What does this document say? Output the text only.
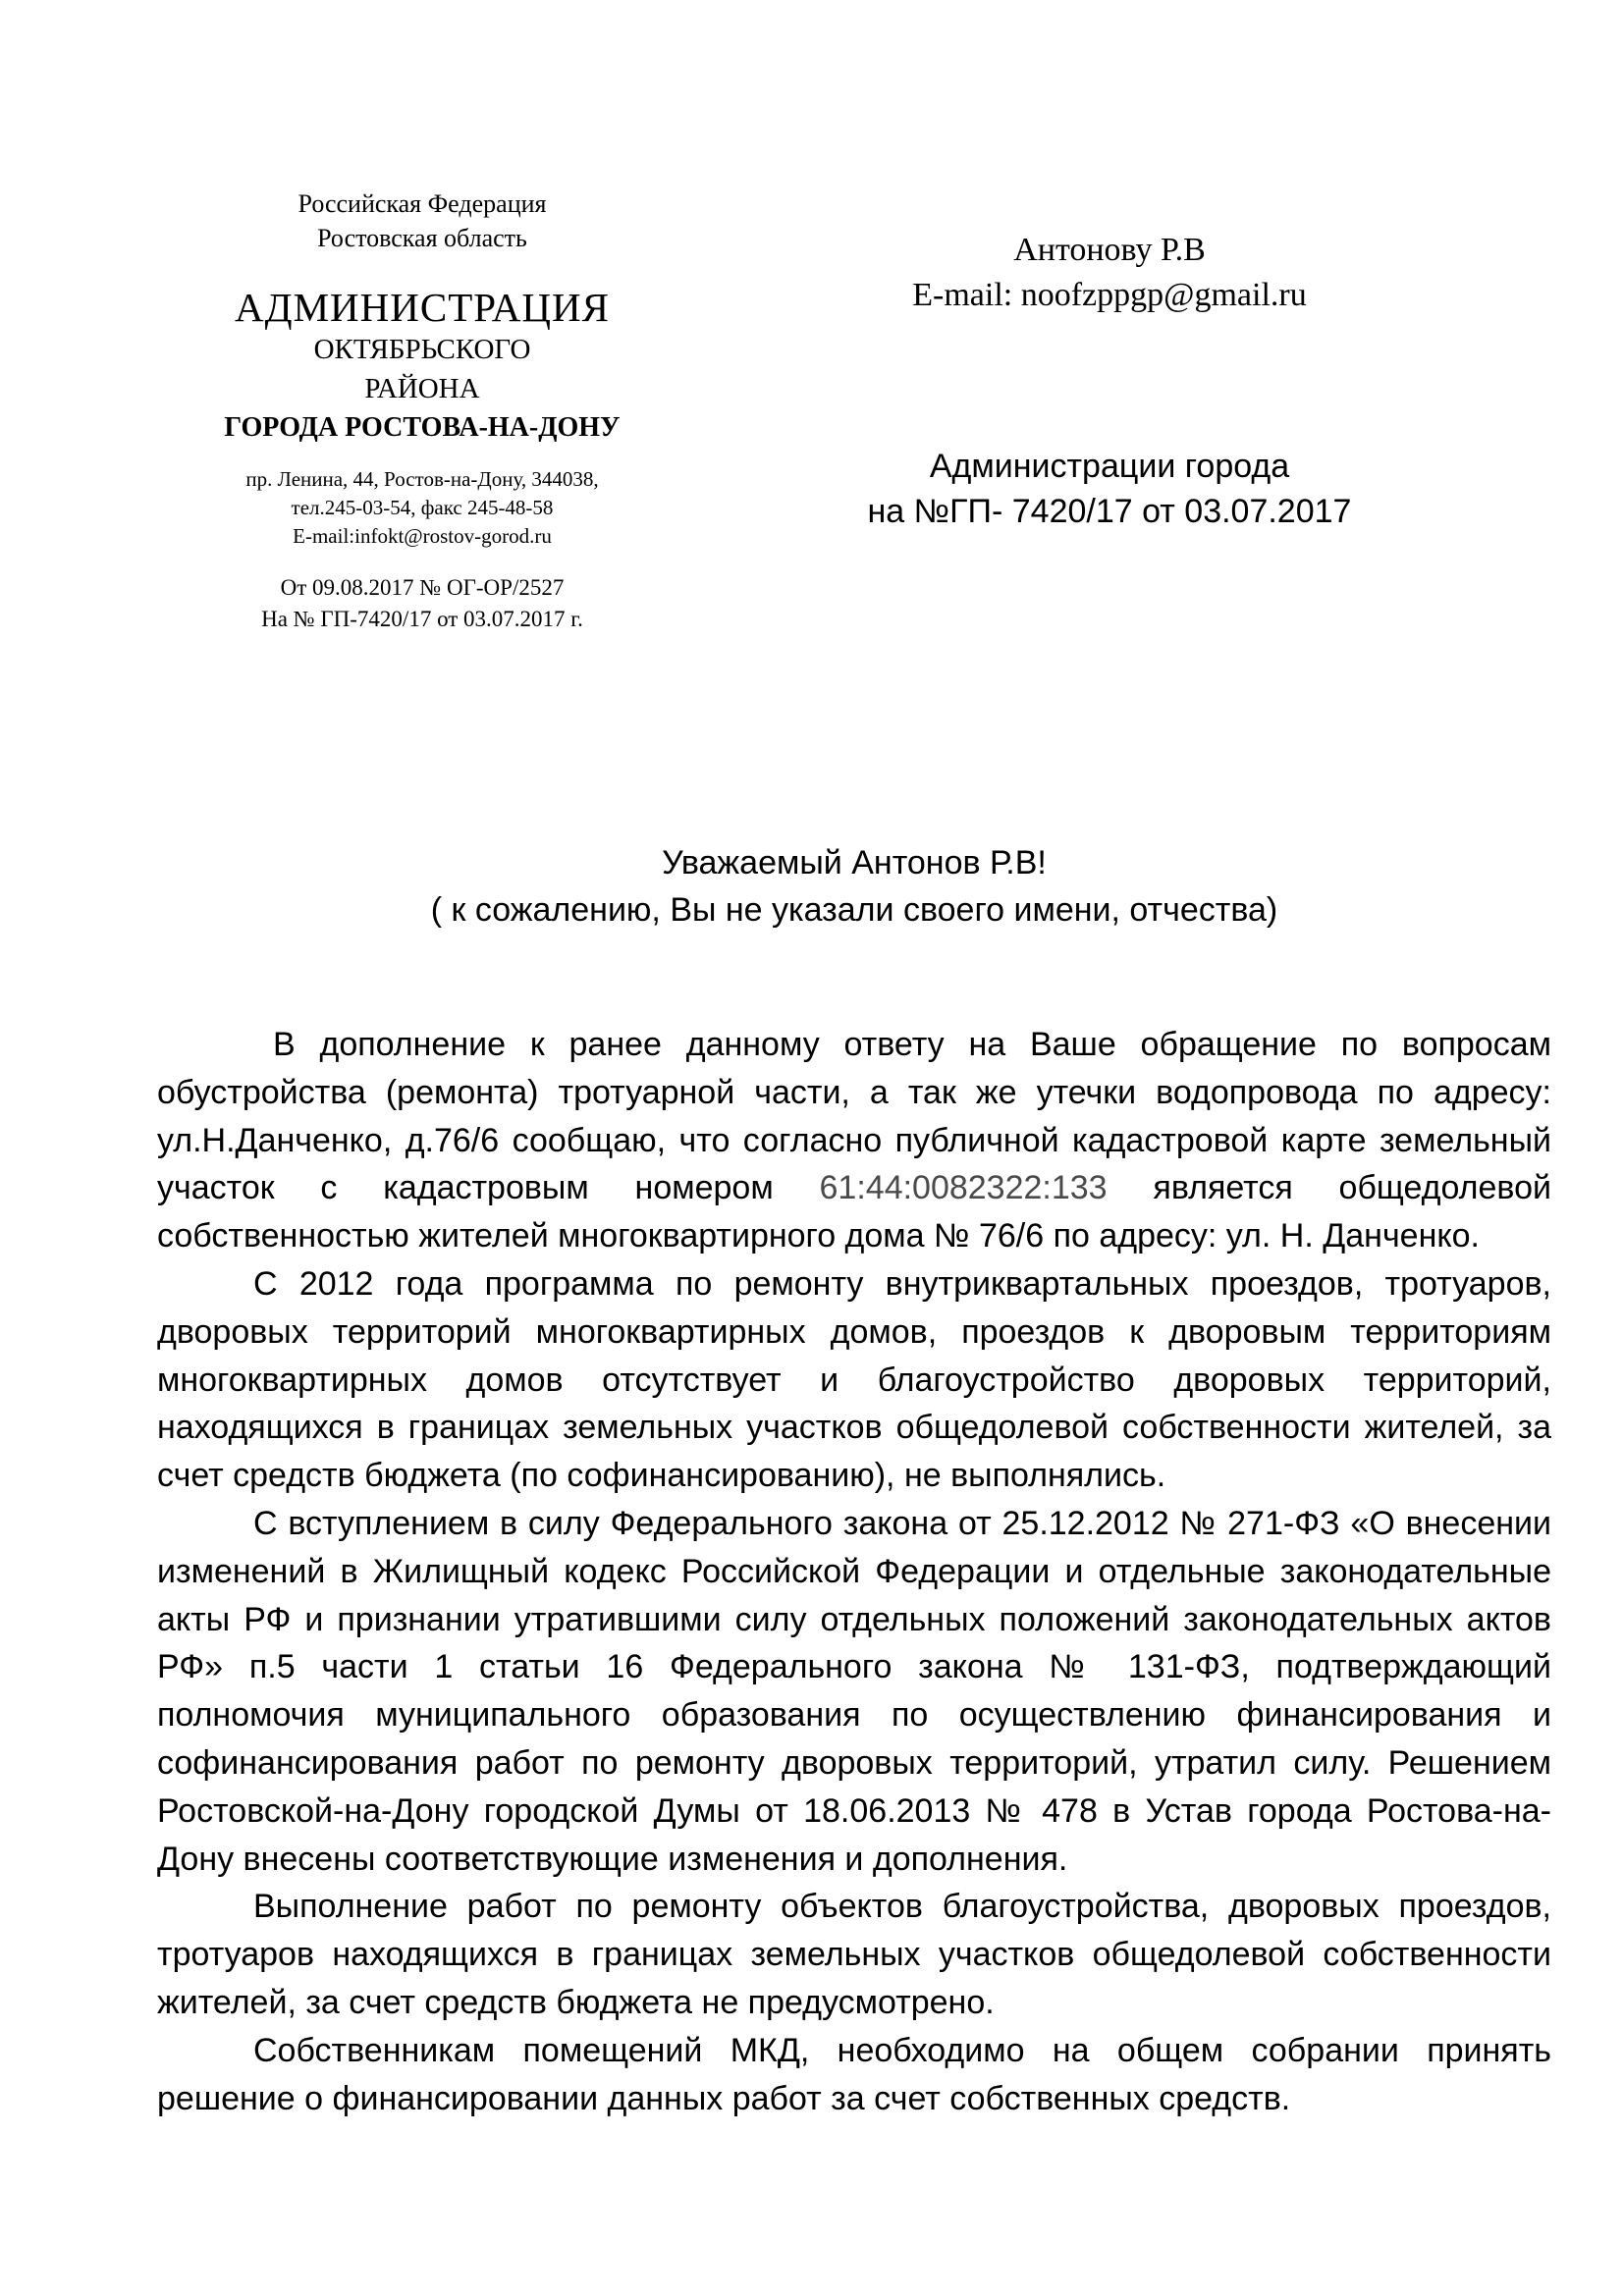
Российская Федерация
Ростовская область
АДМИНИСТРАЦИЯ
ОКТЯБРЬСКОГО
РАЙОНА
ГОРОДА РОСТОВА-НА-ДОНУ
пр. Ленина, 44, Ростов-на-Дону, 344038,
тел.245-03-54, факс 245-48-58
E-mail:infokt@rostov-gorod.ru
От 09.08.2017 № ОГ-ОР/2527
На № ГП-7420/17 от 03.07.2017 г.
Антонову Р.В
E-mail: noofzppgp@gmail.ru
Администрации города
на №ГП- 7420/17 от 03.07.2017
Уважаемый Антонов Р.В!
( к сожалению, Вы не указали своего имени, отчества)

В дополнение к ранее данному ответу на Ваше обращение по вопросам обустройства (ремонта) тротуарной части, а так же утечки водопровода по адресу: ул.Н.Данченко, д.76/6 сообщаю, что согласно публичной кадастровой карте земельный участок с кадастровым номером 61:44:0082322:133 является общедолевой собственностью жителей многоквартирного дома № 76/6 по адресу: ул. Н. Данченко.

С 2012 года программа по ремонту внутриквартальных проездов, тротуаров, дворовых территорий многоквартирных домов, проездов к дворовым территориям многоквартирных домов отсутствует и благоустройство дворовых территорий, находящихся в границах земельных участков общедолевой собственности жителей, за счет средств бюджета (по софинансированию), не выполнялись.

С вступлением в силу Федерального закона от 25.12.2012 № 271-ФЗ «О внесении изменений в Жилищный кодекс Российской Федерации и отдельные законодательные акты РФ и признании утратившими силу отдельных положений законодательных актов РФ» п.5 части 1 статьи 16 Федерального закона № 131-ФЗ, подтверждающий полномочия муниципального образования по осуществлению финансирования и софинансирования работ по ремонту дворовых территорий, утратил силу. Решением Ростовской-на-Дону городской Думы от 18.06.2013 № 478 в Устав города Ростова-на-Дону внесены соответствующие изменения и дополнения.

Выполнение работ по ремонту объектов благоустройства, дворовых проездов, тротуаров находящихся в границах земельных участков общедолевой собственности жителей, за счет средств бюджета не предусмотрено.

Собственникам помещений МКД, необходимо на общем собрании принять решение о финансировании данных работ за счет собственных средств.
